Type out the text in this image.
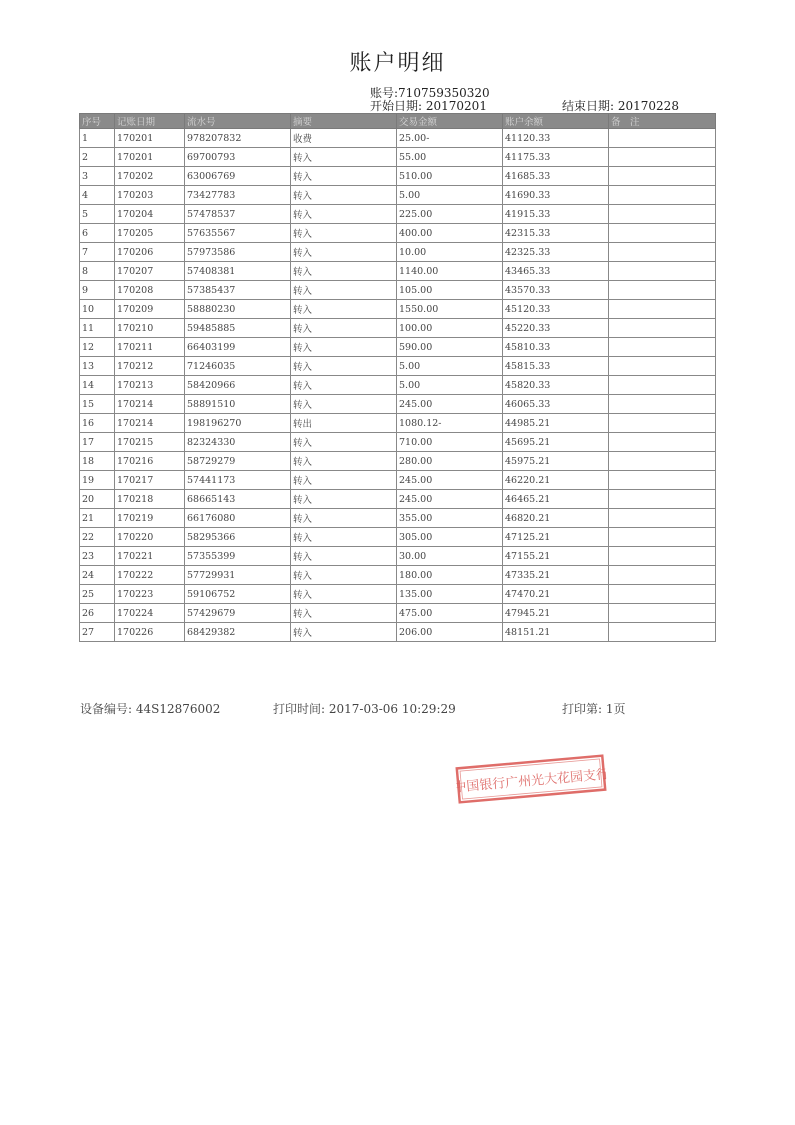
账户明细
账号:710759350320
开始日期: 20170201	结束日期: 20170228
序号	记账日期	流水号	摘要	交易金额	账户余额	备　注
1	170201	978207832	收费	25.00-	41120.33	
2	170201	69700793	转入	55.00	41175.33	
3	170202	63006769	转入	510.00	41685.33	
4	170203	73427783	转入	5.00	41690.33	
5	170204	57478537	转入	225.00	41915.33	
6	170205	57635567	转入	400.00	42315.33	
7	170206	57973586	转入	10.00	42325.33	
8	170207	57408381	转入	1140.00	43465.33	
9	170208	57385437	转入	105.00	43570.33	
10	170209	58880230	转入	1550.00	45120.33	
11	170210	59485885	转入	100.00	45220.33	
12	170211	66403199	转入	590.00	45810.33	
13	170212	71246035	转入	5.00	45815.33	
14	170213	58420966	转入	5.00	45820.33	
15	170214	58891510	转入	245.00	46065.33	
16	170214	198196270	转出	1080.12-	44985.21	
17	170215	82324330	转入	710.00	45695.21	
18	170216	58729279	转入	280.00	45975.21	
19	170217	57441173	转入	245.00	46220.21	
20	170218	68665143	转入	245.00	46465.21	
21	170219	66176080	转入	355.00	46820.21	
22	170220	58295366	转入	305.00	47125.21	
23	170221	57355399	转入	30.00	47155.21	
24	170222	57729931	转入	180.00	47335.21	
25	170223	59106752	转入	135.00	47470.21	
26	170224	57429679	转入	475.00	47945.21	
27	170226	68429382	转入	206.00	48151.21	
设备编号: 44S12876002	打印时间: 2017-03-06 10:29:29	打印第: 1页
中国银行广州光大花园支行
